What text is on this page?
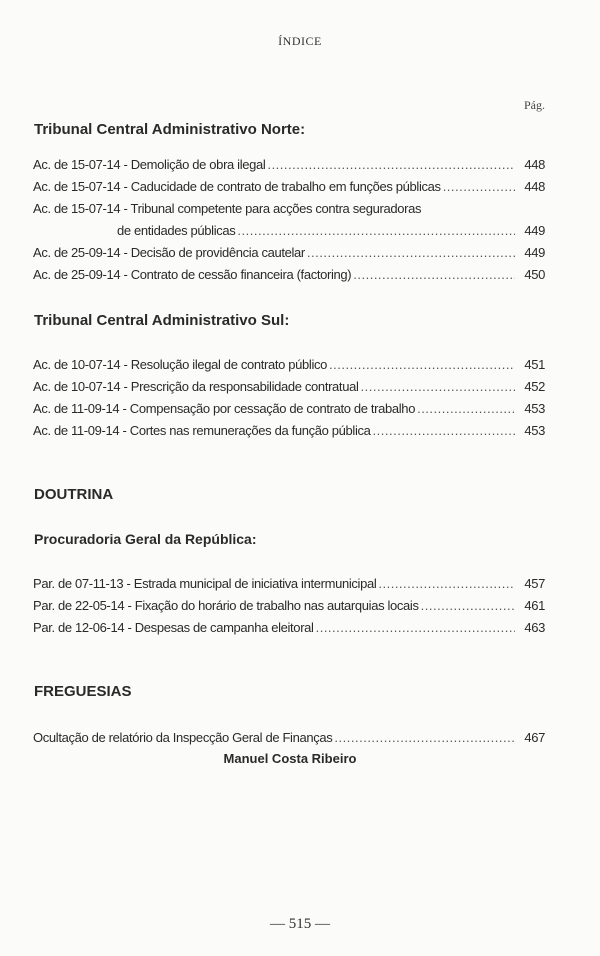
ÍNDICE
Pág.
Tribunal Central Administrativo Norte:
Ac. de 15-07-14 - Demolição de obra ilegal .....	448
Ac. de 15-07-14 - Caducidade de contrato de trabalho em funções públicas .....	448
Ac. de 15-07-14 - Tribunal competente para acções contra seguradoras
de entidades públicas .....	449
Ac. de 25-09-14 - Decisão de providência cautelar .....	449
Ac. de 25-09-14 - Contrato de cessão financeira (factoring) .....	450
Tribunal Central Administrativo Sul:
Ac. de 10-07-14 - Resolução ilegal de contrato público .....	451
Ac. de 10-07-14 - Prescrição da responsabilidade contratual .....	452
Ac. de 11-09-14 - Compensação por cessação de contrato de trabalho .....	453
Ac. de 11-09-14 - Cortes nas remunerações da função pública .....	453
DOUTRINA
Procuradoria Geral da República:
Par. de 07-11-13 - Estrada municipal de iniciativa intermunicipal .....	457
Par. de 22-05-14 - Fixação do horário de trabalho nas autarquias locais .....	461
Par. de 12-06-14 - Despesas de campanha eleitoral .....	463
FREGUESIAS
Ocultação de relatório da Inspecção Geral de Finanças .....	467
Manuel Costa Ribeiro
— 515 —
